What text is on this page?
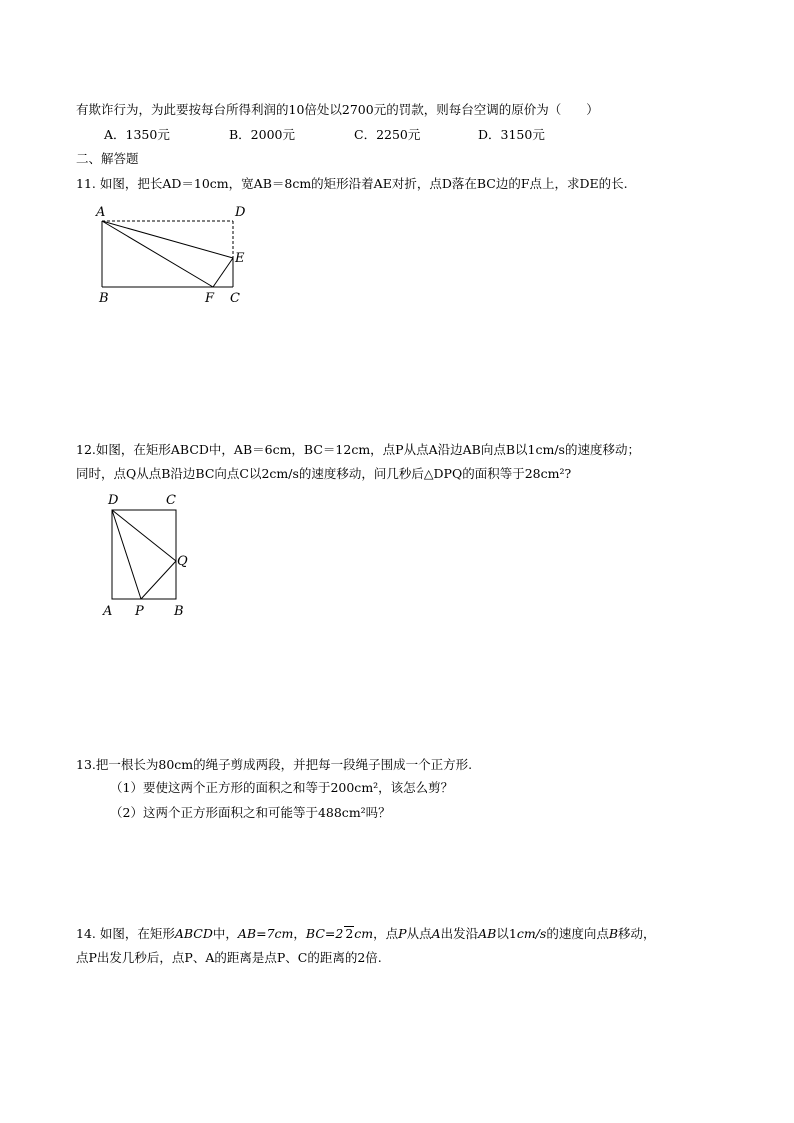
有欺诈行为，为此要按每台所得利润的10倍处以2700元的罚款，则每台空调的原价为（　　）
A．1350元	B．2000元	C．2250元	D．3150元
二、解答题
11. 如图，把长AD＝10cm，宽AB＝8cm的矩形沿着AE对折，点D落在BC边的F点上，求DE的长.
A	D
E
B	F C
12.如图，在矩形ABCD中，AB＝6cm，BC＝12cm，点P从点A沿边AB向点B以1cm/s的速度移动；
同时，点Q从点B沿边BC向点C以2cm/s的速度移动，问几秒后△DPQ的面积等于28cm²?
D	C
Q
A P B
13.把一根长为80cm的绳子剪成两段，并把每一段绳子围成一个正方形.
（1）要使这两个正方形的面积之和等于200cm²，该怎么剪？
（2）这两个正方形面积之和可能等于488cm²吗？
14. 如图，在矩形ABCD中，AB=7cm，BC=2 2cm，点P从点A出发沿AB以1cm/s的速度向点B移动，
点P出发几秒后，点P、A的距离是点P、C的距离的2倍.
